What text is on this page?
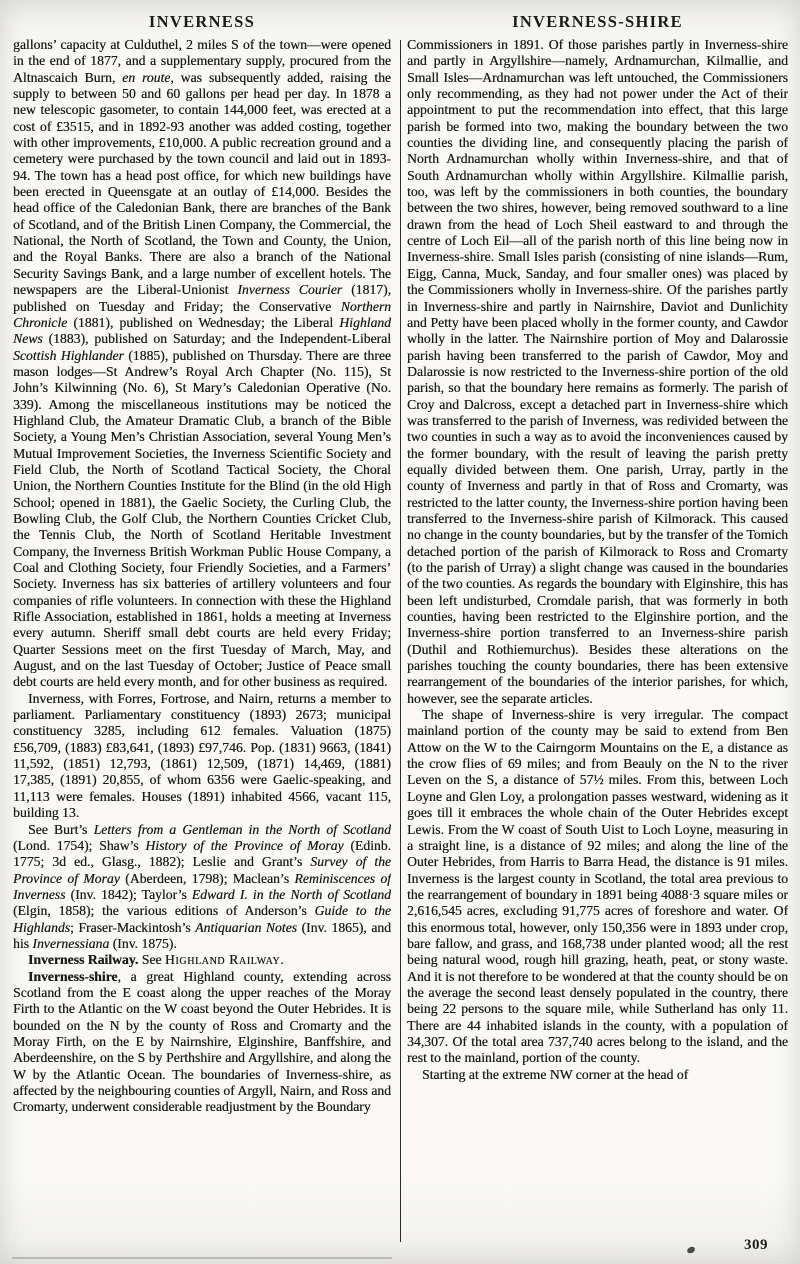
INVERNESS	INVERNESS-SHIRE

gallons’ capacity at Culduthel, 2 miles S of the town—were opened in the end of 1877, and a supplementary supply, procured from the Altnascaich Burn, en route, was subsequently added, raising the supply to between 50 and 60 gallons per head per day. In 1878 a new telescopic gasometer, to contain 144,000 feet, was erected at a cost of £3515, and in 1892-93 another was added costing, together with other improvements, £10,000. A public recreation ground and a cemetery were purchased by the town council and laid out in 1893-94. The town has a head post office, for which new buildings have been erected in Queensgate at an outlay of £14,000. Besides the head office of the Caledonian Bank, there are branches of the Bank of Scotland, and of the British Linen Company, the Commercial, the National, the North of Scotland, the Town and County, the Union, and the Royal Banks. There are also a branch of the National Security Savings Bank, and a large number of excellent hotels. The newspapers are the Liberal-Unionist Inverness Courier (1817), published on Tuesday and Friday; the Conservative Northern Chronicle (1881), published on Wednesday; the Liberal Highland News (1883), published on Saturday; and the Independent-Liberal Scottish Highlander (1885), published on Thursday. There are three mason lodges—St Andrew’s Royal Arch Chapter (No. 115), St John’s Kilwinning (No. 6), St Mary’s Caledonian Operative (No. 339). Among the miscellaneous institutions may be noticed the Highland Club, the Amateur Dramatic Club, a branch of the Bible Society, a Young Men’s Christian Association, several Young Men’s Mutual Improvement Societies, the Inverness Scientific Society and Field Club, the North of Scotland Tactical Society, the Choral Union, the Northern Counties Institute for the Blind (in the old High School; opened in 1881), the Gaelic Society, the Curling Club, the Bowling Club, the Golf Club, the Northern Counties Cricket Club, the Tennis Club, the North of Scotland Heritable Investment Company, the Inverness British Workman Public House Company, a Coal and Clothing Society, four Friendly Societies, and a Farmers’ Society. Inverness has six batteries of artillery volunteers and four companies of rifle volunteers. In connection with these the Highland Rifle Association, established in 1861, holds a meeting at Inverness every autumn. Sheriff small debt courts are held every Friday; Quarter Sessions meet on the first Tuesday of March, May, and August, and on the last Tuesday of October; Justice of Peace small debt courts are held every month, and for other business as required.

Inverness, with Forres, Fortrose, and Nairn, returns a member to parliament. Parliamentary constituency (1893) 2673; municipal constituency 3285, including 612 females. Valuation (1875) £56,709, (1883) £83,641, (1893) £97,746. Pop. (1831) 9663, (1841) 11,592, (1851) 12,793, (1861) 12,509, (1871) 14,469, (1881) 17,385, (1891) 20,855, of whom 6356 were Gaelic-speaking, and 11,113 were females. Houses (1891) inhabited 4566, vacant 115, building 13.

See Burt’s Letters from a Gentleman in the North of Scotland (Lond. 1754); Shaw’s History of the Province of Moray (Edinb. 1775; 3d ed., Glasg., 1882); Leslie and Grant’s Survey of the Province of Moray (Aberdeen, 1798); Maclean’s Reminiscences of Inverness (Inv. 1842); Taylor’s Edward I. in the North of Scotland (Elgin, 1858); the various editions of Anderson’s Guide to the Highlands; Fraser-Mackintosh’s Antiquarian Notes (Inv. 1865), and his Invernessiana (Inv. 1875).

Inverness Railway. See Highland Railway.

Inverness-shire, a great Highland county, extending across Scotland from the E coast along the upper reaches of the Moray Firth to the Atlantic on the W coast beyond the Outer Hebrides. It is bounded on the N by the county of Ross and Cromarty and the Moray Firth, on the E by Nairnshire, Elginshire, Banffshire, and Aberdeenshire, on the S by Perthshire and Argyllshire, and along the W by the Atlantic Ocean. The boundaries of Inverness-shire, as affected by the neighbouring counties of Argyll, Nairn, and Ross and Cromarty, underwent considerable readjustment by the Boundary

Commissioners in 1891. Of those parishes partly in Inverness-shire and partly in Argyllshire—namely, Ardnamurchan, Kilmallie, and Small Isles—Ardnamurchan was left untouched, the Commissioners only recommending, as they had not power under the Act of their appointment to put the recommendation into effect, that this large parish be formed into two, making the boundary between the two counties the dividing line, and consequently placing the parish of North Ardnamurchan wholly within Inverness-shire, and that of South Ardnamurchan wholly within Argyllshire. Kilmallie parish, too, was left by the commissioners in both counties, the boundary between the two shires, however, being removed southward to a line drawn from the head of Loch Sheil eastward to and through the centre of Loch Eil—all of the parish north of this line being now in Inverness-shire. Small Isles parish (consisting of nine islands—Rum, Eigg, Canna, Muck, Sanday, and four smaller ones) was placed by the Commissioners wholly in Inverness-shire. Of the parishes partly in Inverness-shire and partly in Nairnshire, Daviot and Dunlichity and Petty have been placed wholly in the former county, and Cawdor wholly in the latter. The Nairnshire portion of Moy and Dalarossie parish having been transferred to the parish of Cawdor, Moy and Dalarossie is now restricted to the Inverness-shire portion of the old parish, so that the boundary here remains as formerly. The parish of Croy and Dalcross, except a detached part in Inverness-shire which was transferred to the parish of Inverness, was redivided between the two counties in such a way as to avoid the inconveniences caused by the former boundary, with the result of leaving the parish pretty equally divided between them. One parish, Urray, partly in the county of Inverness and partly in that of Ross and Cromarty, was restricted to the latter county, the Inverness-shire portion having been transferred to the Inverness-shire parish of Kilmorack. This caused no change in the county boundaries, but by the transfer of the Tomich detached portion of the parish of Kilmorack to Ross and Cromarty (to the parish of Urray) a slight change was caused in the boundaries of the two counties. As regards the boundary with Elginshire, this has been left undisturbed, Cromdale parish, that was formerly in both counties, having been restricted to the Elginshire portion, and the Inverness-shire portion transferred to an Inverness-shire parish (Duthil and Rothiemurchus). Besides these alterations on the parishes touching the county boundaries, there has been extensive rearrangement of the boundaries of the interior parishes, for which, however, see the separate articles.

The shape of Inverness-shire is very irregular. The compact mainland portion of the county may be said to extend from Ben Attow on the W to the Cairngorm Mountains on the E, a distance as the crow flies of 69 miles; and from Beauly on the N to the river Leven on the S, a distance of 57½ miles. From this, between Loch Loyne and Glen Loy, a prolongation passes westward, widening as it goes till it embraces the whole chain of the Outer Hebrides except Lewis. From the W coast of South Uist to Loch Loyne, measuring in a straight line, is a distance of 92 miles; and along the line of the Outer Hebrides, from Harris to Barra Head, the distance is 91 miles. Inverness is the largest county in Scotland, the total area previous to the rearrangement of boundary in 1891 being 4088·3 square miles or 2,616,545 acres, excluding 91,775 acres of foreshore and water. Of this enormous total, however, only 150,356 were in 1893 under crop, bare fallow, and grass, and 168,738 under planted wood; all the rest being natural wood, rough hill grazing, heath, peat, or stony waste. And it is not therefore to be wondered at that the county should be on the average the second least densely populated in the country, there being 22 persons to the square mile, while Sutherland has only 11. There are 44 inhabited islands in the county, with a population of 34,307. Of the total area 737,740 acres belong to the island, and the rest to the mainland, portion of the county.

Starting at the extreme NW corner at the head of

309
